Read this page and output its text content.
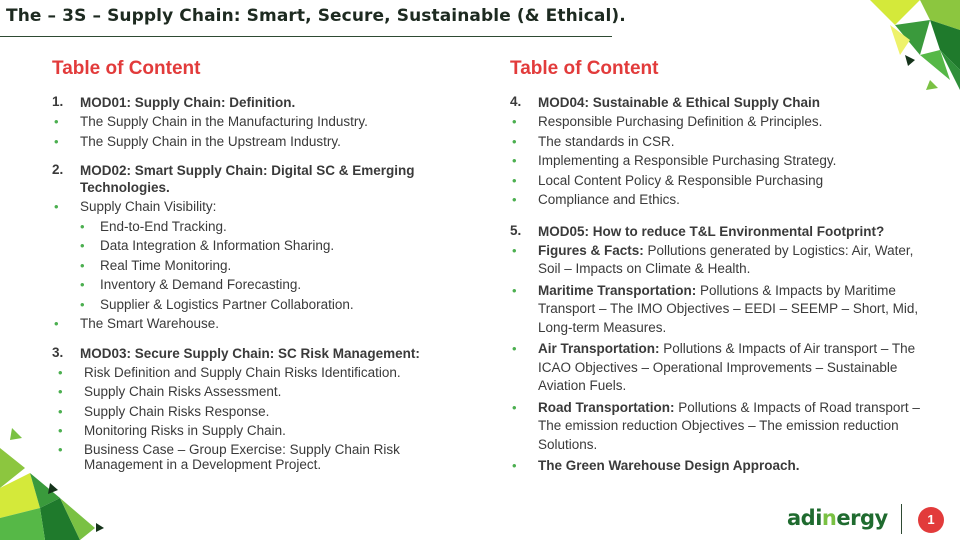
The – 3S – Supply Chain: Smart, Secure, Sustainable (& Ethical).
Table of Content
1. MOD01: Supply Chain: Definition.
• The Supply Chain in the Manufacturing Industry.
• The Supply Chain in the Upstream Industry.
2. MOD02: Smart Supply Chain: Digital SC & Emerging Technologies.
• Supply Chain Visibility:
• End-to-End Tracking.
• Data Integration & Information Sharing.
• Real Time Monitoring.
• Inventory & Demand Forecasting.
• Supplier & Logistics Partner Collaboration.
• The Smart Warehouse.
3. MOD03: Secure Supply Chain: SC Risk Management:
• Risk Definition and Supply Chain Risks Identification.
• Supply Chain Risks Assessment.
• Supply Chain Risks Response.
• Monitoring Risks in Supply Chain.
• Business Case – Group Exercise: Supply Chain Risk Management in a Development Project.
Table of Content
4. MOD04: Sustainable & Ethical Supply Chain
• Responsible Purchasing Definition & Principles.
• The standards in CSR.
• Implementing a Responsible Purchasing Strategy.
• Local Content Policy & Responsible Purchasing
• Compliance and Ethics.
5. MOD05: How to reduce T&L Environmental Footprint?
• Figures & Facts: Pollutions generated by Logistics: Air, Water, Soil – Impacts on Climate & Health.
• Maritime Transportation: Pollutions & Impacts by Maritime Transport – The IMO Objectives – EEDI – SEEMP – Short, Mid, Long-term Measures.
• Air Transportation: Pollutions & Impacts of Air transport – The ICAO Objectives – Operational Improvements – Sustainable Aviation Fuels.
• Road Transportation: Pollutions & Impacts of Road transport – The emission reduction Objectives – The emission reduction Solutions.
• The Green Warehouse Design Approach.
adinergy	1
